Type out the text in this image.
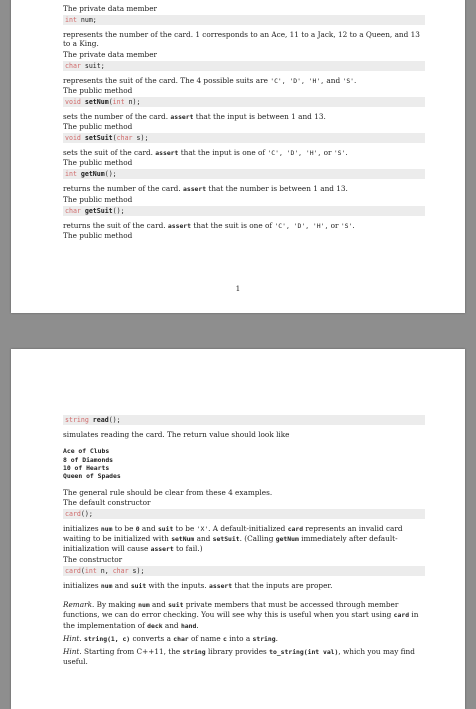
The private data member

int num;

represents the number of the card. 1 corresponds to an Ace, 11 to a Jack, 12 to a Queen, and 13 to a King.

The private data member

char suit;

represents the suit of the card. The 4 possible suits are 'C', 'D', 'H', and 'S'.

The public method

void setNum(int n);

sets the number of the card. assert that the input is between 1 and 13.

The public method

void setSuit(char s);

sets the suit of the card. assert that the input is one of 'C', 'D', 'H', or 'S'.

The public method

int getNum();

returns the number of the card. assert that the number is between 1 and 13.

The public method

char getSuit();

returns the suit of the card. assert that the suit is one of 'C', 'D', 'H', or 'S'.

The public method

1

string read();

simulates reading the card. The return value should look like

Ace of Clubs

8 of Diamonds

10 of Hearts

Queen of Spades

The general rule should be clear from these 4 examples.

The default constructor

card();

initializes num to be 0 and suit to be 'X'. A default-initialized card represents an invalid card waiting to be initialized with setNum and setSuit. (Calling getNum immediately after default-initialization will cause assert to fail.)

The constructor

card(int n, char s);

initializes num and suit with the inputs. assert that the inputs are proper.

Remark. By making num and suit private members that must be accessed through member functions, we can do error checking. You will see why this is useful when you start using card in the implementation of deck and hand.

Hint. string(1, c) converts a char of name c into a string.

Hint. Starting from C++11, the string library provides to_string(int val), which you may find useful.
